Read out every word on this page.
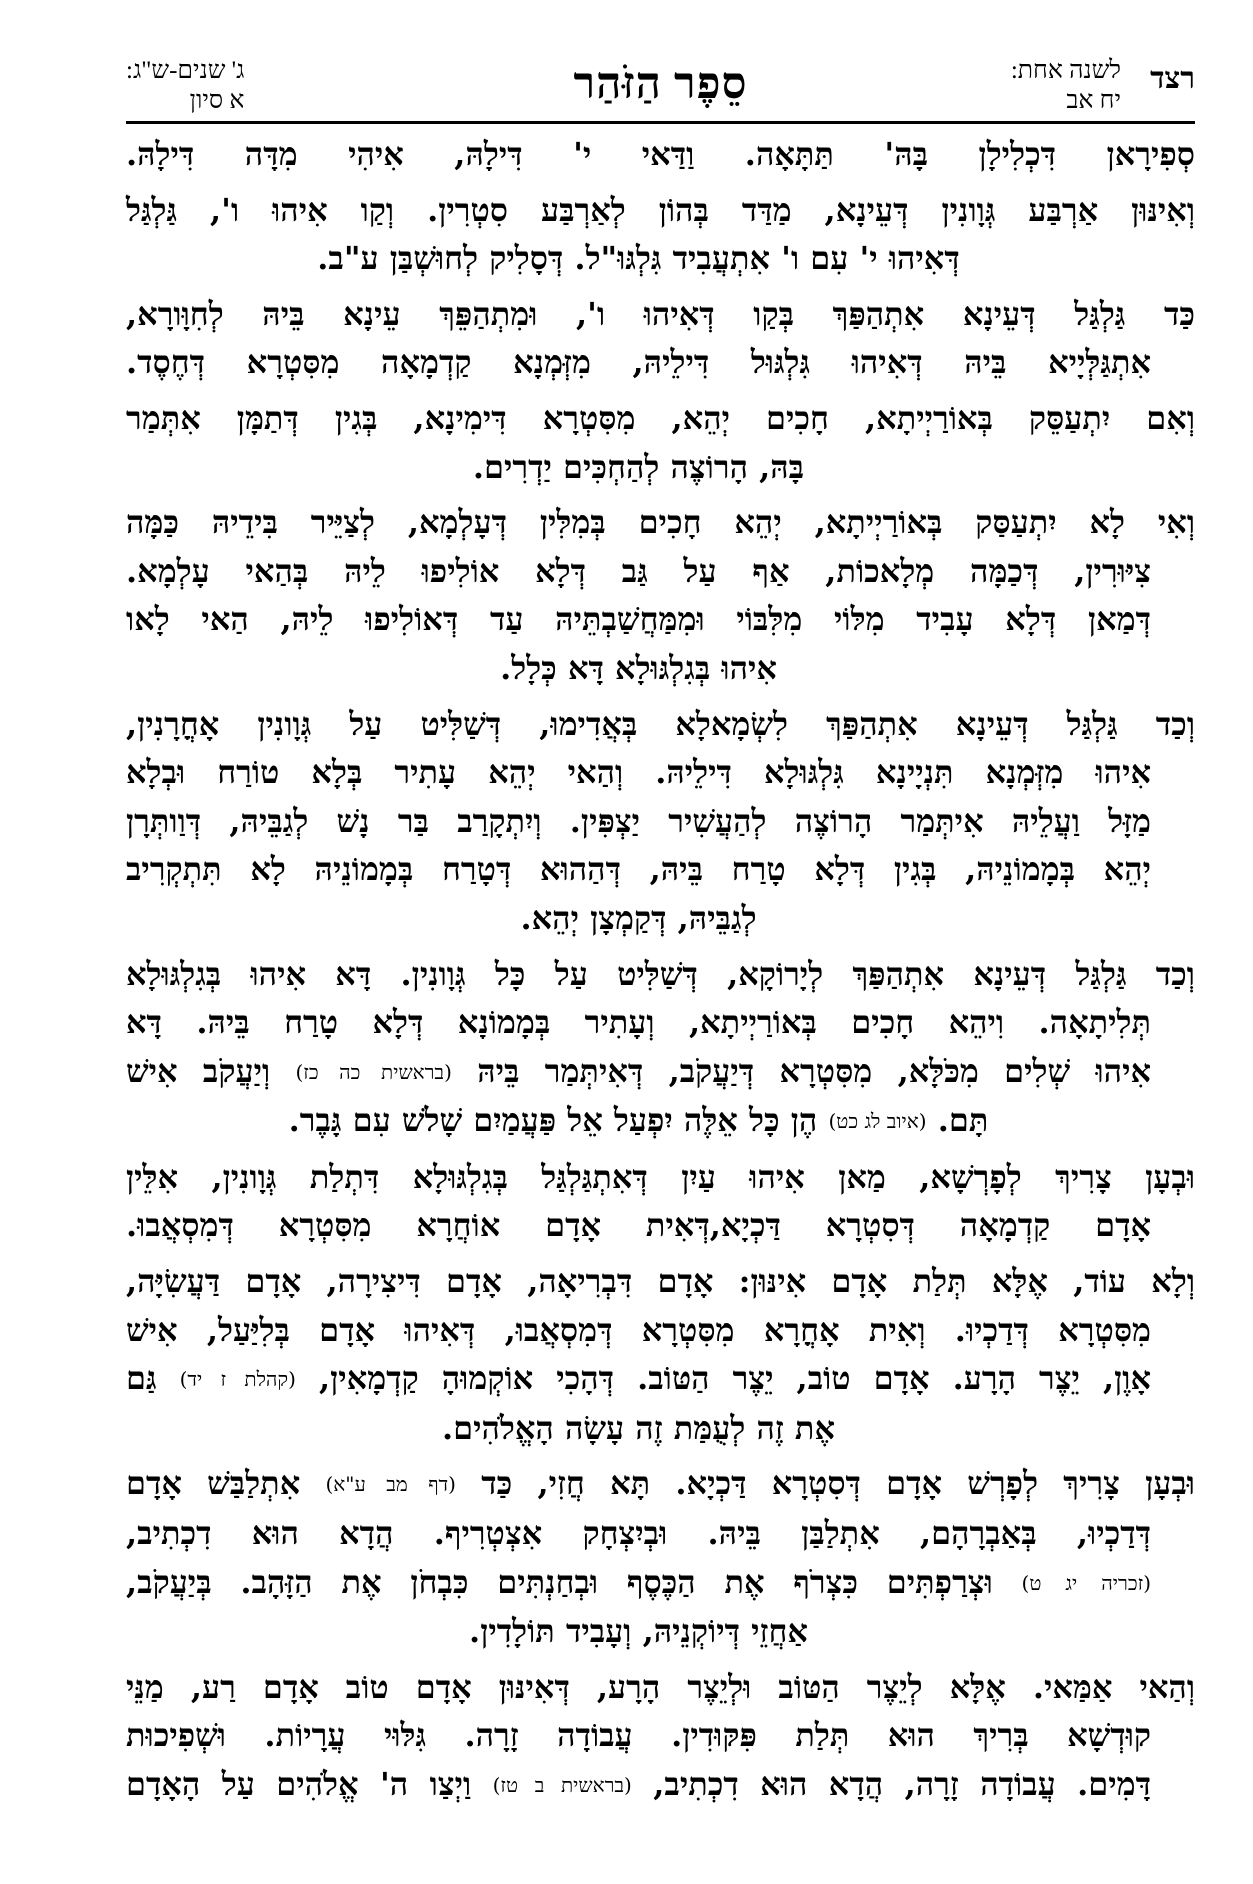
רצד
לשנה אחת:
יח אב
סֵפֶר הַזֹּהַר
ג' שנים-ש"ג:
א סיון
סְפִירָאן דִּכְלִילָן בָּהּ' תַּתָּאָה. וַדַּאי י' דִּילָהּ, אִיהִי מִדָּה דִּילָהּ.
וְאִינּוּן אַרְבַּע גְּוָונִין דְּעֵינָא, מַדַּד בְּהוֹן לְאַרְבַּע סִטְרִין. וְקַו אִיהוּ ו', גַּלְגַּל
דְּאִיהוּ י' עִם ו' אִתְעֲבִיד גִּלְגּוּ"ל. דְּסָלִיק לְחוּשְׁבַּן ע"ב.
כַּד גַּלְגַּל דְּעֵינָא אִתְהַפַּךְ בְּקַו דְּאִיהוּ ו', וּמִתְהַפֵּךְ עֵינָא בֵּיהּ לְחִוָּורָא,
אִתְגַּלְּיָיא בֵּיהּ דְּאִיהוּ גִּלְגּוּל דִּילֵיהּ, מִזְּמְנָא קַדְמָאָה מִסִּטְרָא דְּחֶסֶד.
וְאִם יִתְעַסֵּק בְּאוֹרַיְיתָא, חָכִים יְהֵא, מִסִּטְרָא דִּימִינָא, בְּגִין דְּתַמָּן אִתְּמַר
בָּהּ, הָרוֹצֶה לְהַחְכִּים יַדְרִים.
וְאִי לָא יִתְעַסַּק בְּאוֹרַיְיתָא, יְהֵא חָכִים בְּמִלִּין דְּעָלְמָא, לְצַיֵּיר בִּידֵיהּ כַּמָּה
צִיּוּרִין, דְּכַמָּה מְלָאכוֹת, אַף עַל גַּב דְּלָא אוֹלִיפוּ לֵיהּ בְּהַאי עָלְמָא.
דְּמַאן דְּלָא עָבִיד מִלּוֹי מִלִּבּוֹי וּמִמַּחֲשַׁבְתֵּיהּ עַד דְּאוֹלִיפוּ לֵיהּ, הַאי לָאו
אִיהוּ בְּגִלְגּוּלָא דָּא כְּלָל.
וְכַד גַּלְגַּל דְּעֵינָא אִתְהַפַּךְ לִשְׂמָאלָא בְּאֲדִימוּ, דְּשַׁלִּיט עַל גְּוָונִין אָחֳרָנִין,
אִיהוּ מִזְּמְנָא תִּנְיָינָא גִּלְגּוּלָא דִּילֵיהּ. וְהַאי יְהֵא עָתִיר בְּלָא טוֹרַח וּבְלָא
מַזָּל וַעֲלֵיהּ אִיתְּמַר הָרוֹצֶה לְהַעֲשִׁיר יַצְפִּין. וְיִתְקָרַב בַּר נָשׁ לְגַבֵּיהּ, דְּוַותְּרָן
יְהֵא בְּמָמוֹנֵיהּ, בְּגִין דְּלָא טָרַח בֵּיהּ, דְּהַהוּא דְּטָרַח בְּמָמוֹנֵיהּ לָא תִּתְקְרִיב
לְגַבֵּיהּ, דְּקַמְצָן יְהֵא.
וְכַד גַּלְגַּל דְּעֵינָא אִתְהַפַּךְ לְיָרוֹקָא, דְּשַׁלִּיט עַל כָּל גְּוָונִין. דָּא אִיהוּ בְּגִלְגּוּלָא
תְּלִיתָאָה. וִיהֵא חָכִים בְּאוֹרַיְיתָא, וְעָתִיר בְּמָמוֹנָא דְּלָא טָרַח בֵּיהּ. דָּא
אִיהוּ שְׁלִים מִכֹּלָּא, מִסִּטְרָא דְּיַעֲקֹב, דְּאִיתְּמַר בֵּיהּ (בראשית כה כז) וְיַעֲקֹב אִישׁ
תָּם. (איוב לג כט) הֶן כָּל אֵלֶּה יִפְעַל אֵל פַּעֲמַיִם שָׁלֹשׁ עִם גָּבֶר.
וּבְעָן צָרִיךְ לְפָרְשָׁא, מַאן אִיהוּ עַיִן דְּאִתְגַּלְגַּל בְּגִלְגּוּלָא דִּתְלַת גְּוָונִין, אִלֵּין
אָדָם קַדְמָאָה דְּסִטְרָא דַּכְיָא,דְּאִית אָדָם אוֹחֲרָא מִסִּטְרָא דְּמִסְאֲבוּ.
וְלָא עוֹד, אֶלָּא תְּלַת אָדָם אִינּוּן: אָדָם דִּבְרִיאָה, אָדָם דִּיצִירָה, אָדָם דַּעֲשִׂיָּה,
מִסִּטְרָא דְּדַכְיוּ. וְאִית אָחֳרָא מִסִּטְרָא דְּמִסְאֲבוּ, דְּאִיהוּ אָדָם בְּלִיַּעַל, אִישׁ
אָוֶן, יֵצֶר הָרָע. אָדָם טוֹב, יֵצֶר הַטּוֹב. דְּהָכִי אוֹקְמוּהָ קַדְמָאִין, (קהלת ז יד) גַּם
אֶת זֶה לְעֻמַּת זֶה עָשָׂה הָאֱלֹהִים.
וּבְעָן צָרִיךְ לְפָרְשׁ אָדָם דְּסִטְרָא דַּכְיָא. תָּא חֲזִי, כַּד (דף מב ע"א) אִתְלַבַּשׁ אָדָם
דְּדַכְיוּ, בְּאַבְרָהָם, אִתְלַבַּן בֵּיהּ. וּבְיִצְחָק אִצְטְרִיף. הֲדָא הוּא דִכְתִיב,
(זכריה יג ט) וּצְרַפְתִּים כִּצְרֹף אֶת הַכֶּסֶף וּבְחַנְתִּים כִּבְחֹן אֶת הַזָּהָב. בְּיַעֲקֹב,
אַחֲזֵי דְּיוֹקְנֵיהּ, וְעָבִיד תּוֹלָדִין.
וְהַאי אַמַּאי. אֶלָּא לְיֵצֶר הַטּוֹב וּלְיֵצֶר הָרָע, דְּאִינּוּן אָדָם טוֹב אָדָם רַע, מַנֵּי
קוּדְשָׁא בְּרִיךְ הוּא תְּלַת פִּקּוּדִין. עֲבוֹדָה זָרָה. גִּלּוּי עֲרָיוֹת. וּשְׁפִיכוּת
דָּמִים. עֲבוֹדָה זָרָה, הֲדָא הוּא דִכְתִיב, (בראשית ב טז) וַיְצַו ה' אֱלֹהִים עַל הָאָדָם
